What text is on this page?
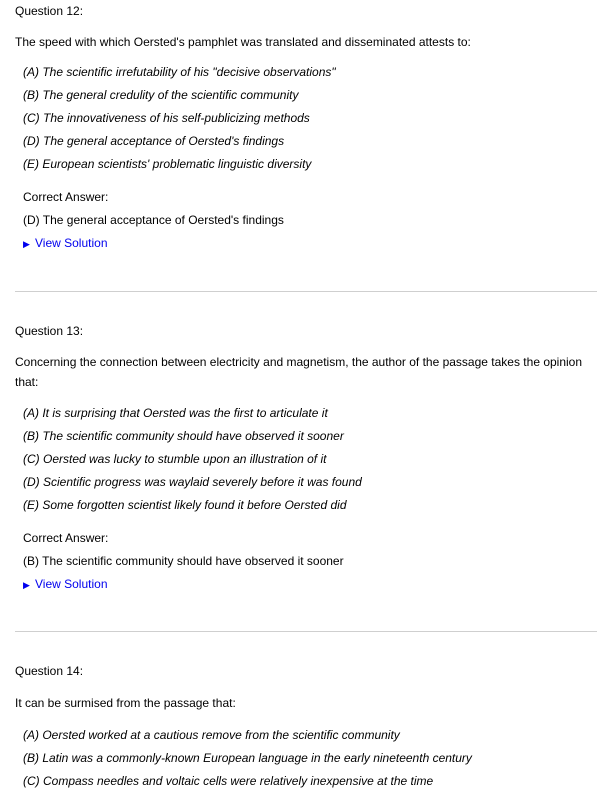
Question 12:
The speed with which Oersted's pamphlet was translated and disseminated attests to:
(A) The scientific irrefutability of his "decisive observations"
(B) The general credulity of the scientific community
(C) The innovativeness of his self-publicizing methods
(D) The general acceptance of Oersted's findings
(E) European scientists' problematic linguistic diversity
Correct Answer:
(D) The general acceptance of Oersted's findings
▶ View Solution
Question 13:
Concerning the connection between electricity and magnetism, the author of the passage takes the opinion that:
(A) It is surprising that Oersted was the first to articulate it
(B) The scientific community should have observed it sooner
(C) Oersted was lucky to stumble upon an illustration of it
(D) Scientific progress was waylaid severely before it was found
(E) Some forgotten scientist likely found it before Oersted did
Correct Answer:
(B) The scientific community should have observed it sooner
▶ View Solution
Question 14:
It can be surmised from the passage that:
(A) Oersted worked at a cautious remove from the scientific community
(B) Latin was a commonly-known European language in the early nineteenth century
(C) Compass needles and voltaic cells were relatively inexpensive at the time
